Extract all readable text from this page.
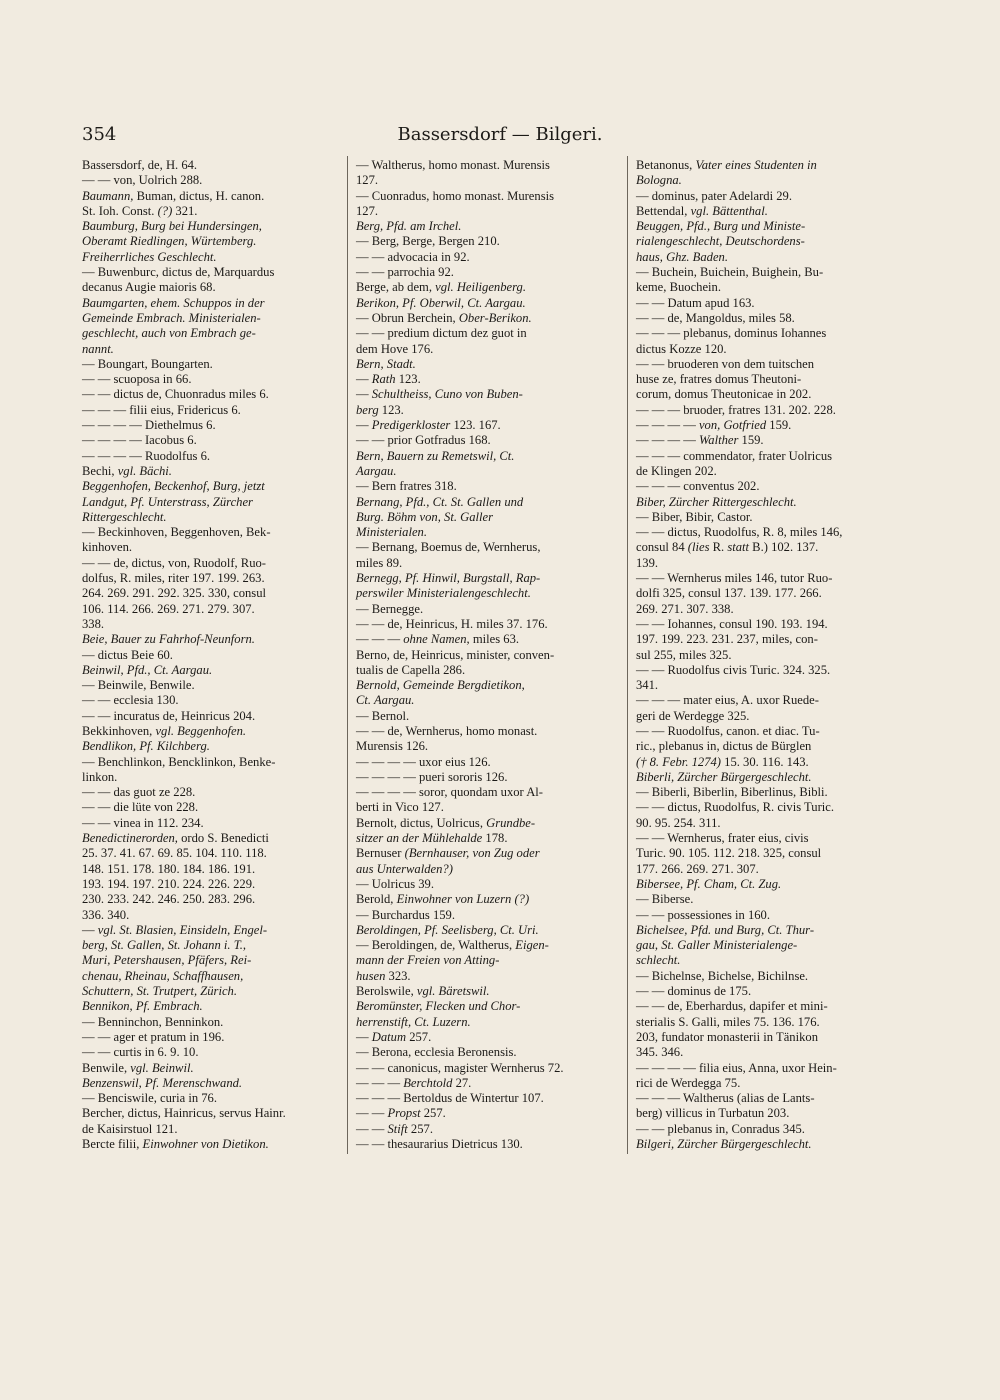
354	Bassersdorf — Bilgeri.
Bassersdorf, de, H. 64.
— — von, Uolrich 288.
Baumann, Buman, dictus, H. canon.
St. Ioh. Const. (?) 321.
Baumburg, Burg bei Hundersingen,
Oberamt Riedlingen, Würtemberg.
Freiherrliches Geschlecht.
— Buwenburc, dictus de, Marquardus
decanus Augie maioris 68.
Baumgarten, ehem. Schuppos in der
Gemeinde Embrach. Ministerialen-
geschlecht, auch von Embrach ge-
nannt.
— Boungart, Boungarten.
— — scuoposa in 66.
— — dictus de, Chuonradus miles 6.
— — — filii eius, Fridericus 6.
— — — — Diethelmus 6.
— — — — Iacobus 6.
— — — — Ruodolfus 6.
Bechi, vgl. Bächi.
Beggenhofen, Beckenhof, Burg, jetzt
Landgut, Pf. Unterstrass, Zürcher
Rittergeschlecht.
— Beckinhoven, Beggenhoven, Bek-
kinhoven.
— — de, dictus, von, Ruodolf, Ruo-
dolfus, R. miles, riter 197. 199. 263.
264. 269. 291. 292. 325. 330, consul
106. 114. 266. 269. 271. 279. 307.
338.
Beie, Bauer zu Fahrhof-Neunforn.
— dictus Beie 60.
Beinwil, Pfd., Ct. Aargau.
— Beinwile, Benwile.
— — ecclesia 130.
— — incuratus de, Heinricus 204.
Bekkinhoven, vgl. Beggenhofen.
Bendlikon, Pf. Kilchberg.
— Benchlinkon, Bencklinkon, Benke-
linkon.
— — das guot ze 228.
— — die lüte von 228.
— — vinea in 112. 234.
Benedictinerorden, ordo S. Benedicti
25. 37. 41. 67. 69. 85. 104. 110. 118.
148. 151. 178. 180. 184. 186. 191.
193. 194. 197. 210. 224. 226. 229.
230. 233. 242. 246. 250. 283. 296.
336. 340.
— vgl. St. Blasien, Einsideln, Engel-
berg, St. Gallen, St. Johann i. T.,
Muri, Petershausen, Pfäfers, Rei-
chenau, Rheinau, Schaffhausen,
Schuttern, St. Trutpert, Zürich.
Bennikon, Pf. Embrach.
— Benninchon, Benninkon.
— — ager et pratum in 196.
— — curtis in 6. 9. 10.
Benwile, vgl. Beinwil.
Benzenswil, Pf. Merenschwand.
— Benciswile, curia in 76.
Bercher, dictus, Hainricus, servus Hainr.
de Kaisirstuol 121.
Bercte filii, Einwohner von Dietikon.
— Waltherus, homo monast. Murensis
127.
— Cuonradus, homo monast. Murensis
127.
Berg, Pfd. am Irchel.
— Berg, Berge, Bergen 210.
— — advocacia in 92.
— — parrochia 92.
Berge, ab dem, vgl. Heiligenberg.
Berikon, Pf. Oberwil, Ct. Aargau.
— Obrun Berchein, Ober-Berikon.
— — predium dictum dez guot in
dem Hove 176.
Bern, Stadt.
— Rath 123.
— Schultheiss, Cuno von Buben-
berg 123.
— Predigerkloster 123. 167.
— — prior Gotfradus 168.
Bern, Bauern zu Remetswil, Ct.
Aargau.
— Bern fratres 318.
Bernang, Pfd., Ct. St. Gallen und
Burg. Böhm von, St. Galler
Ministerialen.
— Bernang, Boemus de, Wernherus,
miles 89.
Bernegg, Pf. Hinwil, Burgstall, Rap-
perswiler Ministerialengeschlecht.
— Bernegge.
— — de, Heinricus, H. miles 37. 176.
— — — ohne Namen, miles 63.
Berno, de, Heinricus, minister, conven-
tualis de Capella 286.
Bernold, Gemeinde Bergdietikon,
Ct. Aargau.
— Bernol.
— — de, Wernherus, homo monast.
Murensis 126.
— — — — uxor eius 126.
— — — — pueri sororis 126.
— — — — soror, quondam uxor Al-
berti in Vico 127.
Bernolt, dictus, Uolricus, Grundbe-
sitzer an der Mühlehalde 178.
Bernuser (Bernhauser, von Zug oder
aus Unterwalden?)
— Uolricus 39.
Berold, Einwohner von Luzern (?)
— Burchardus 159.
Beroldingen, Pf. Seelisberg, Ct. Uri.
— Beroldingen, de, Waltherus, Eigen-
mann der Freien von Atting-
husen 323.
Berolswile, vgl. Bäretswil.
Beromünster, Flecken und Chor-
herrenstift, Ct. Luzern.
— Datum 257.
— Berona, ecclesia Beronensis.
— — canonicus, magister Wernherus 72.
— — — Berchtold 27.
— — — Bertoldus de Wintertur 107.
— — Propst 257.
— — Stift 257.
— — thesaurarius Dietricus 130.
Betanonus, Vater eines Studenten in
Bologna.
— dominus, pater Adelardi 29.
Bettendal, vgl. Bättenthal.
Beuggen, Pfd., Burg und Ministe-
rialengeschlecht, Deutschordens-
haus, Ghz. Baden.
— Buchein, Buichein, Buighein, Bu-
keme, Buochein.
— — Datum apud 163.
— — de, Mangoldus, miles 58.
— — — plebanus, dominus Iohannes
dictus Kozze 120.
— — bruoderen von dem tuitschen
huse ze, fratres domus Theutoni-
corum, domus Theutonicae in 202.
— — — bruoder, fratres 131. 202. 228.
— — — — von, Gotfried 159.
— — — — Walther 159.
— — — commendator, frater Uolricus
de Klingen 202.
— — — conventus 202.
Biber, Zürcher Rittergeschlecht.
— Biber, Bibir, Castor.
— — dictus, Ruodolfus, R. 8, miles 146,
consul 84 (lies R. statt B.) 102. 137.
139.
— — Wernherus miles 146, tutor Ruo-
dolfi 325, consul 137. 139. 177. 266.
269. 271. 307. 338.
— — Iohannes, consul 190. 193. 194.
197. 199. 223. 231. 237, miles, con-
sul 255, miles 325.
— — Ruodolfus civis Turic. 324. 325.
341.
— — — mater eius, A. uxor Ruede-
geri de Werdegge 325.
— — Ruodolfus, canon. et diac. Tu-
ric., plebanus in, dictus de Bürglen
(† 8. Febr. 1274) 15. 30. 116. 143.
Biberli, Zürcher Bürgergeschlecht.
— Biberli, Biberlin, Biberlinus, Bibli.
— — dictus, Ruodolfus, R. civis Turic.
90. 95. 254. 311.
— — Wernherus, frater eius, civis
Turic. 90. 105. 112. 218. 325, consul
177. 266. 269. 271. 307.
Bibersee, Pf. Cham, Ct. Zug.
— Biberse.
— — possessiones in 160.
Bichelsee, Pfd. und Burg, Ct. Thur-
gau, St. Galler Ministerialenge-
schlecht.
— Bichelnse, Bichelse, Bichilnse.
— — dominus de 175.
— — de, Eberhardus, dapifer et mini-
sterialis S. Galli, miles 75. 136. 176.
203, fundator monasterii in Tänikon
345. 346.
— — — — filia eius, Anna, uxor Hein-
rici de Werdegga 75.
— — — Waltherus (alias de Lants-
berg) villicus in Turbatun 203.
— — plebanus in, Conradus 345.
Bilgeri, Zürcher Bürgergeschlecht.
